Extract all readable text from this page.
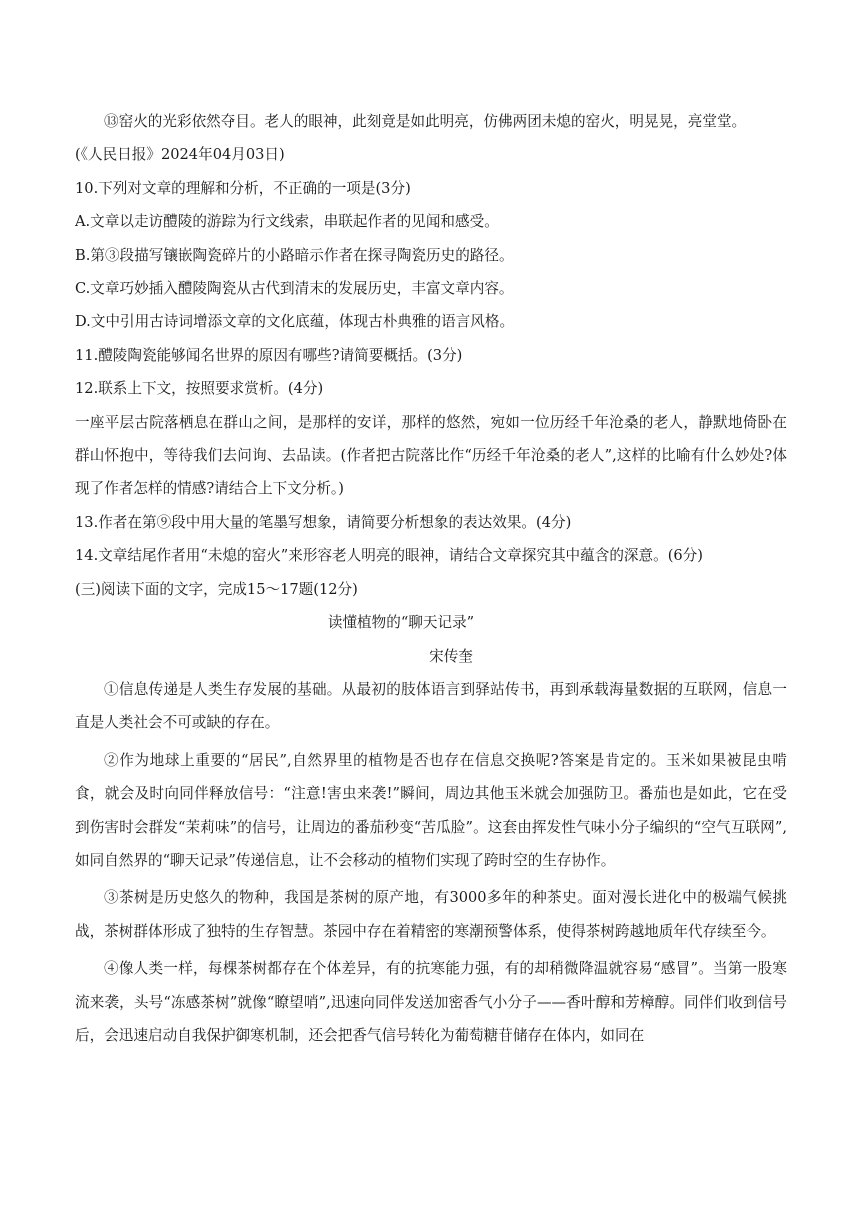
⑬窑火的光彩依然夺目。老人的眼神，此刻竟是如此明亮，仿佛两团未熄的窑火，明晃晃，亮堂堂。

(《人民日报》2024年04月03日)

10.下列对文章的理解和分析，不正确的一项是(3分)

A.文章以走访醴陵的游踪为行文线索，串联起作者的见闻和感受。

B.第③段描写镶嵌陶瓷碎片的小路暗示作者在探寻陶瓷历史的路径。

C.文章巧妙插入醴陵陶瓷从古代到清末的发展历史，丰富文章内容。

D.文中引用古诗词增添文章的文化底蕴，体现古朴典雅的语言风格。

11.醴陵陶瓷能够闻名世界的原因有哪些?请简要概括。(3分)

12.联系上下文，按照要求赏析。(4分)

一座平层古院落栖息在群山之间，是那样的安详，那样的悠然，宛如一位历经千年沧桑的老人，静默地倚卧在群山怀抱中，等待我们去问询、去品读。(作者把古院落比作“历经千年沧桑的老人”,这样的比喻有什么妙处?体现了作者怎样的情感?请结合上下文分析。)

13.作者在第⑨段中用大量的笔墨写想象，请简要分析想象的表达效果。(4分)

14.文章结尾作者用“未熄的窑火”来形容老人明亮的眼神，请结合文章探究其中蕴含的深意。(6分)

(三)阅读下面的文字，完成15～17题(12分)

读懂植物的“聊天记录”

宋传奎

①信息传递是人类生存发展的基础。从最初的肢体语言到驿站传书，再到承载海量数据的互联网，信息一直是人类社会不可或缺的存在。

②作为地球上重要的“居民”,自然界里的植物是否也存在信息交换呢?答案是肯定的。玉米如果被昆虫啃食，就会及时向同伴释放信号：“注意!害虫来袭!”瞬间，周边其他玉米就会加强防卫。番茄也是如此，它在受到伤害时会群发“茉莉味”的信号，让周边的番茄秒变“苦瓜脸”。这套由挥发性气味小分子编织的“空气互联网”,如同自然界的“聊天记录”传递信息，让不会移动的植物们实现了跨时空的生存协作。

③茶树是历史悠久的物种，我国是茶树的原产地，有3000多年的种茶史。面对漫长进化中的极端气候挑战，茶树群体形成了独特的生存智慧。茶园中存在着精密的寒潮预警体系，使得茶树跨越地质年代存续至今。

④像人类一样，每棵茶树都存在个体差异，有的抗寒能力强，有的却稍微降温就容易“感冒”。当第一股寒流来袭，头号“冻感茶树”就像“瞭望哨”,迅速向同伴发送加密香气小分子——香叶醇和芳樟醇。同伴们收到信号后，会迅速启动自我保护御寒机制，还会把香气信号转化为葡萄糖苷储存在体内，如同在
